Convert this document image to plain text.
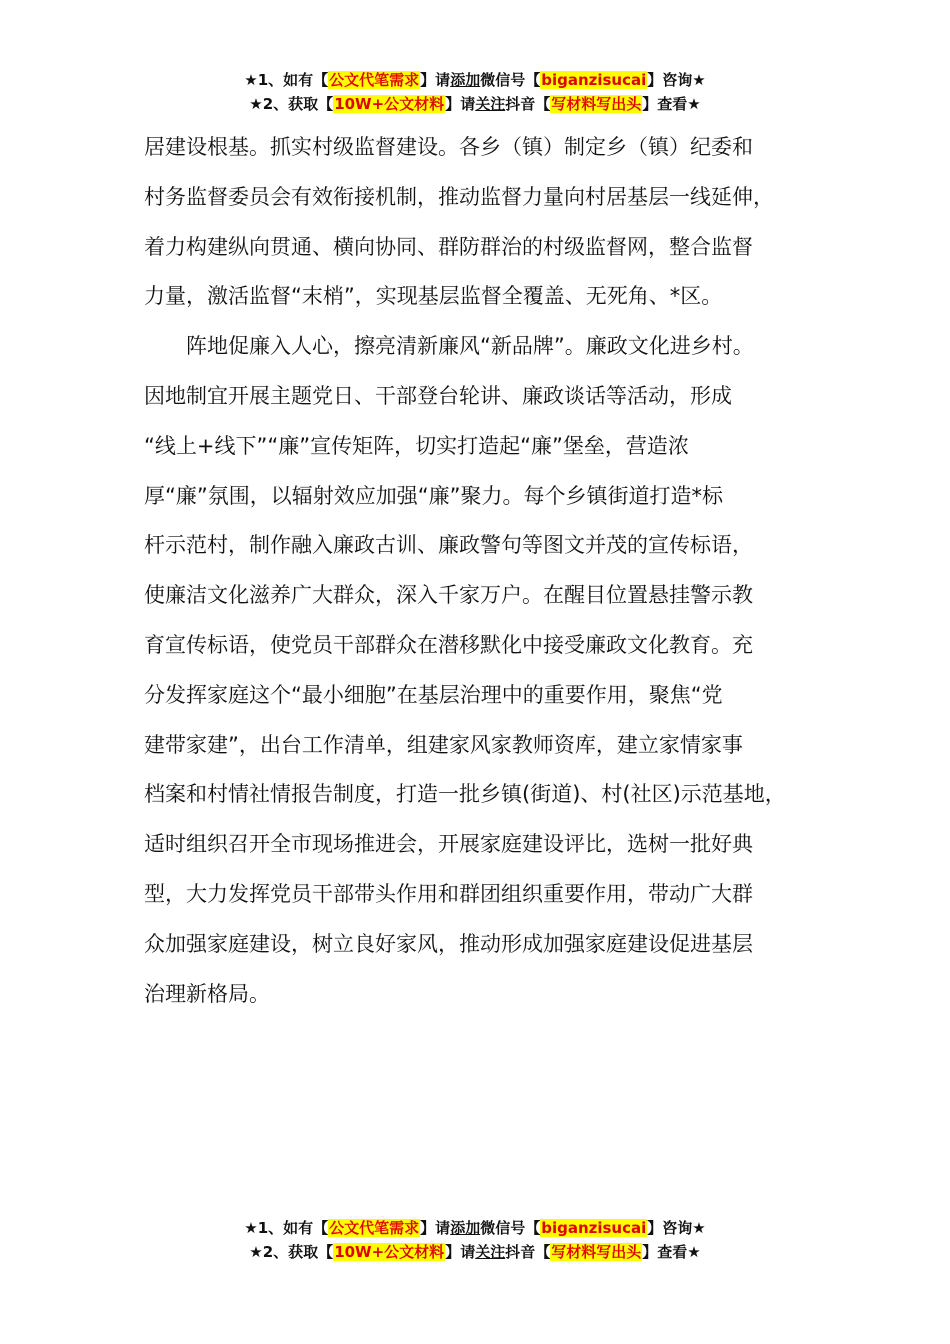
★1、如有【公文代笔需求】请添加微信号【biganzisucai】咨询★
★2、获取【10W+公文材料】请关注抖音【写材料写出头】查看★
居建设根基。抓实村级监督建设。各乡（镇）制定乡（镇）纪委和
村务监督委员会有效衔接机制，推动监督力量向村居基层一线延伸，
着力构建纵向贯通、横向协同、群防群治的村级监督网，整合监督
力量，激活监督“末梢”，实现基层监督全覆盖、无死角、*区。
　　阵地促廉入人心，擦亮清新廉风“新品牌”。廉政文化进乡村。
因地制宜开展主题党日、干部登台轮讲、廉政谈话等活动，形成
“线上+线下”“廉”宣传矩阵，切实打造起“廉”堡垒，营造浓
厚“廉”氛围，以辐射效应加强“廉”聚力。每个乡镇街道打造*标
杆示范村，制作融入廉政古训、廉政警句等图文并茂的宣传标语，
使廉洁文化滋养广大群众，深入千家万户。在醒目位置悬挂警示教
育宣传标语，使党员干部群众在潜移默化中接受廉政文化教育。充
分发挥家庭这个“最小细胞”在基层治理中的重要作用，聚焦“党
建带家建”，出台工作清单，组建家风家教师资库，建立家情家事
档案和村情社情报告制度，打造一批乡镇(街道)、村(社区)示范基地，
适时组织召开全市现场推进会，开展家庭建设评比，选树一批好典
型，大力发挥党员干部带头作用和群团组织重要作用，带动广大群
众加强家庭建设，树立良好家风，推动形成加强家庭建设促进基层
治理新格局。
★1、如有【公文代笔需求】请添加微信号【biganzisucai】咨询★
★2、获取【10W+公文材料】请关注抖音【写材料写出头】查看★
